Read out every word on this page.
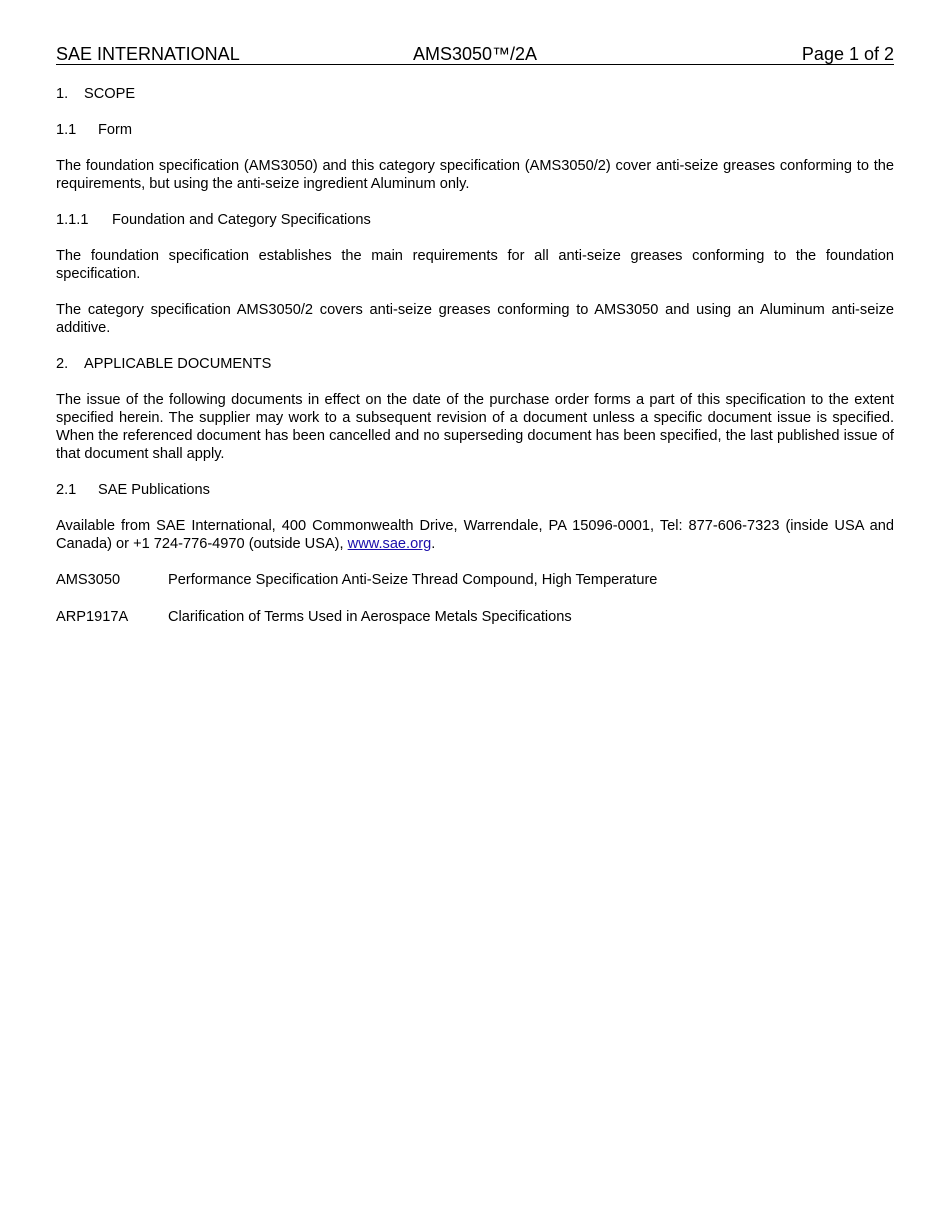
SAE INTERNATIONAL	AMS3050™/2A	Page 1 of 2

1. SCOPE

1.1 Form

The foundation specification (AMS3050) and this category specification (AMS3050/2) cover anti-seize greases conforming to the requirements, but using the anti-seize ingredient Aluminum only.

1.1.1 Foundation and Category Specifications

The foundation specification establishes the main requirements for all anti-seize greases conforming to the foundation specification.

The category specification AMS3050/2 covers anti-seize greases conforming to AMS3050 and using an Aluminum anti-seize additive.

2. APPLICABLE DOCUMENTS

The issue of the following documents in effect on the date of the purchase order forms a part of this specification to the extent specified herein. The supplier may work to a subsequent revision of a document unless a specific document issue is specified. When the referenced document has been cancelled and no superseding document has been specified, the last published issue of that document shall apply.

2.1 SAE Publications

Available from SAE International, 400 Commonwealth Drive, Warrendale, PA 15096-0001, Tel: 877-606-7323 (inside USA and Canada) or +1 724-776-4970 (outside USA), www.sae.org.

AMS3050	Performance Specification Anti-Seize Thread Compound, High Temperature
ARP1917A	Clarification of Terms Used in Aerospace Metals Specifications
